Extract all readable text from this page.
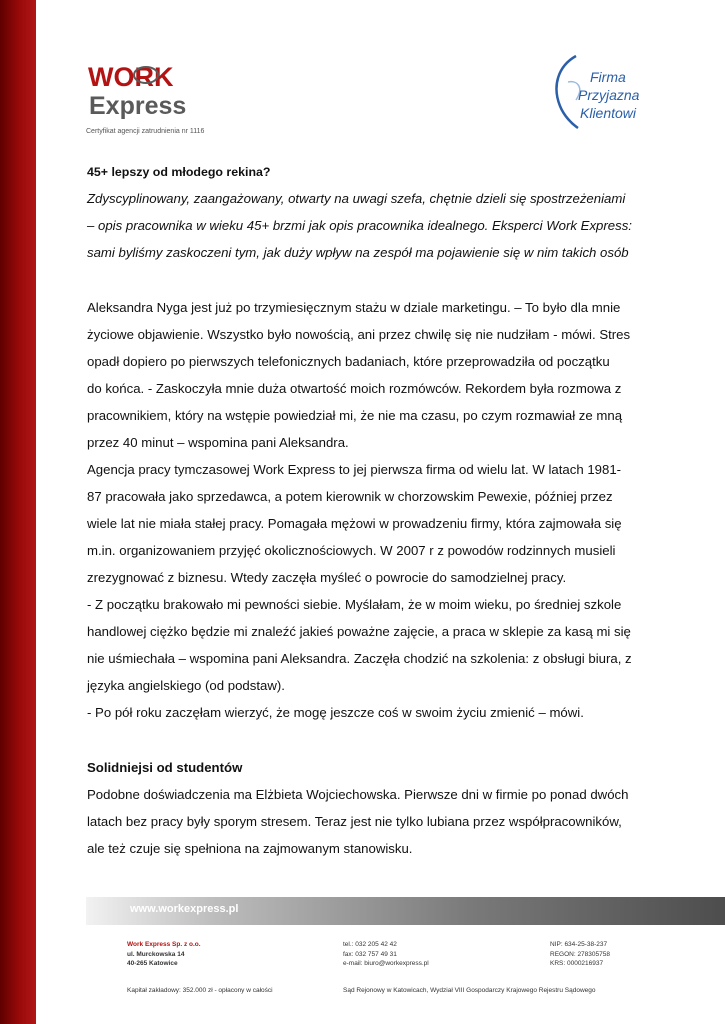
WORK
Express
Certyfikat agencji zatrudnienia nr 1116
Firma
Przyjazna
Klientowi

45+ lepszy od młodego rekina?

Zdyscyplinowany, zaangażowany, otwarty na uwagi szefa, chętnie dzieli się spostrzeżeniami

– opis pracownika w wieku 45+ brzmi jak opis pracownika idealnego. Eksperci Work Express:

sami byliśmy zaskoczeni tym, jak duży wpływ na zespół ma pojawienie się w nim takich osób

Aleksandra Nyga jest już po trzymiesięcznym stażu w dziale marketingu. – To było dla mnie

życiowe objawienie. Wszystko było nowością, ani przez chwilę się nie nudziłam - mówi. Stres

opadł dopiero po pierwszych telefonicznych badaniach, które przeprowadziła od początku

do końca. - Zaskoczyła mnie duża otwartość moich rozmówców. Rekordem była rozmowa z

pracownikiem, który na wstępie powiedział mi, że nie ma czasu, po czym rozmawiał ze mną

przez 40 minut – wspomina pani Aleksandra.

Agencja pracy tymczasowej Work Express to jej pierwsza firma od wielu lat. W latach 1981-

87 pracowała jako sprzedawca, a potem kierownik w chorzowskim Pewexie, później przez

wiele lat nie miała stałej pracy. Pomagała mężowi w prowadzeniu firmy, która zajmowała się

m.in. organizowaniem przyjęć okolicznościowych. W 2007 r z powodów rodzinnych musieli

zrezygnować z biznesu. Wtedy zaczęła myśleć o powrocie do samodzielnej pracy.

- Z początku brakowało mi pewności siebie. Myślałam, że w moim wieku, po średniej szkole

handlowej ciężko będzie mi znaleźć jakieś poważne zajęcie, a praca w sklepie za kasą mi się

nie uśmiechała – wspomina pani Aleksandra. Zaczęła chodzić na szkolenia: z obsługi biura, z

języka angielskiego (od podstaw).

- Po pół roku zaczęłam wierzyć, że mogę jeszcze coś w swoim życiu zmienić – mówi.

Solidniejsi od studentów

Podobne doświadczenia ma Elżbieta Wojciechowska. Pierwsze dni w firmie po ponad dwóch

latach bez pracy były sporym stresem. Teraz jest nie tylko lubiana przez współpracowników,

ale też czuje się spełniona na zajmowanym stanowisku.

www.workexpress.pl
Work Express Sp. z o.o.
ul. Murckowska 14
40-265 Katowice
tel.: 032 205 42 42
fax: 032 757 49 31
e-mail: biuro@workexpress.pl
NIP: 634-25-38-237
REGON: 278305758
KRS: 0000216937
Kapitał zakładowy: 352.000 zł - opłacony w całości	Sąd Rejonowy w Katowicach, Wydział VIII Gospodarczy Krajowego Rejestru Sądowego
